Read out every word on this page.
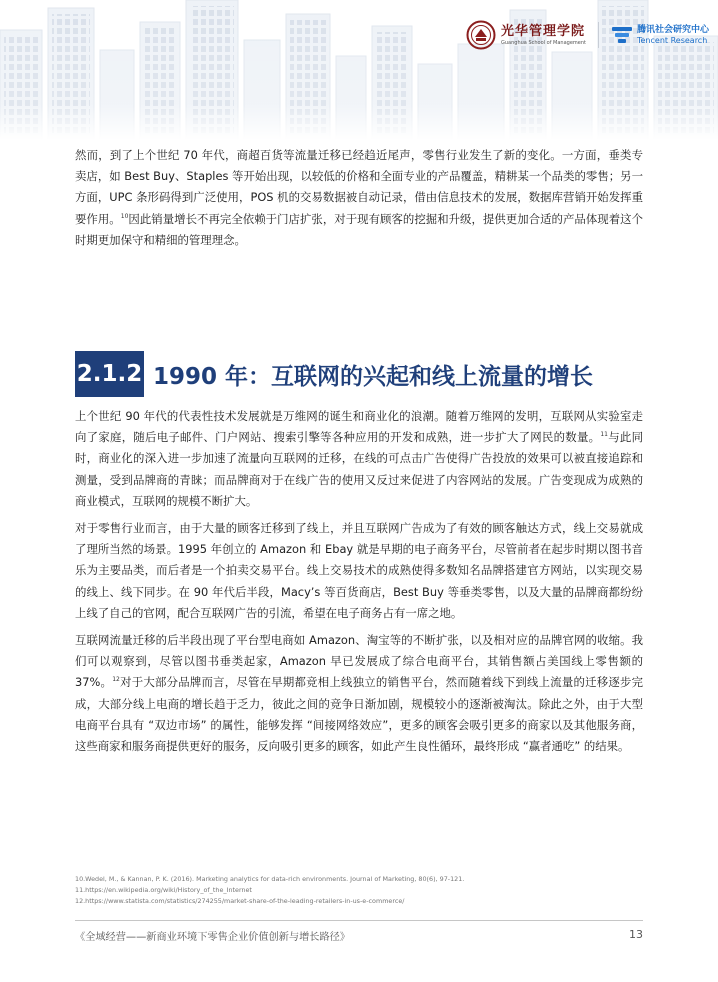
光华管理学院
Guanghua School of Management
腾讯社会研究中心
Tencent Research
然而，到了上个世纪 70 年代，商超百货等流量迁移已经趋近尾声，零售行业发生了新的变化。一方面，垂类专卖店，如 Best Buy、Staples 等开始出现，以较低的价格和全面专业的产品覆盖，精耕某一个品类的零售；另一方面，UPC 条形码得到广泛使用，POS 机的交易数据被自动记录，借由信息技术的发展，数据库营销开始发挥重要作用。$^{10}$因此销量增长不再完全依赖于门店扩张，对于现有顾客的挖掘和升级，提供更加合适的产品体现着这个时期更加保守和精细的管理理念。
2.1.2 1990 年：互联网的兴起和线上流量的增长
上个世纪 90 年代的代表性技术发展就是万维网的诞生和商业化的浪潮。随着万维网的发明，互联网从实验室走向了家庭，随后电子邮件、门户网站、搜索引擎等各种应用的开发和成熟，进一步扩大了网民的数量。$^{11}$与此同时，商业化的深入进一步加速了流量向互联网的迁移，在线的可点击广告使得广告投放的效果可以被直接追踪和测量，受到品牌商的青睐；而品牌商对于在线广告的使用又反过来促进了内容网站的发展。广告变现成为成熟的商业模式，互联网的规模不断扩大。
对于零售行业而言，由于大量的顾客迁移到了线上，并且互联网广告成为了有效的顾客触达方式，线上交易就成了理所当然的场景。1995 年创立的 Amazon 和 Ebay 就是早期的电子商务平台，尽管前者在起步时期以图书音乐为主要品类，而后者是一个拍卖交易平台。线上交易技术的成熟使得多数知名品牌搭建官方网站，以实现交易的线上、线下同步。在 90 年代后半段，Macy’s 等百货商店，Best Buy 等垂类零售，以及大量的品牌商都纷纷上线了自己的官网，配合互联网广告的引流，希望在电子商务占有一席之地。
互联网流量迁移的后半段出现了平台型电商如 Amazon、淘宝等的不断扩张，以及相对应的品牌官网的收缩。我们可以观察到，尽管以图书垂类起家，Amazon 早已发展成了综合电商平台，其销售额占美国线上零售额的 37%。$^{12}$对于大部分品牌而言，尽管在早期都竞相上线独立的销售平台，然而随着线下到线上流量的迁移逐步完成，大部分线上电商的增长趋于乏力，彼此之间的竞争日渐加剧，规模较小的逐渐被淘汰。除此之外，由于大型电商平台具有 “双边市场” 的属性，能够发挥 “间接网络效应”，更多的顾客会吸引更多的商家以及其他服务商，这些商家和服务商提供更好的服务，反向吸引更多的顾客，如此产生良性循环，最终形成 “赢者通吃” 的结果。
10.Wedel, M., & Kannan, P. K. (2016). Marketing analytics for data-rich environments. Journal of Marketing, 80(6), 97-121.
11.https://en.wikipedia.org/wiki/History_of_the_Internet
12.https://www.statista.com/statistics/274255/market-share-of-the-leading-retailers-in-us-e-commerce/
《全域经营——新商业环境下零售企业价值创新与增长路径》	13
